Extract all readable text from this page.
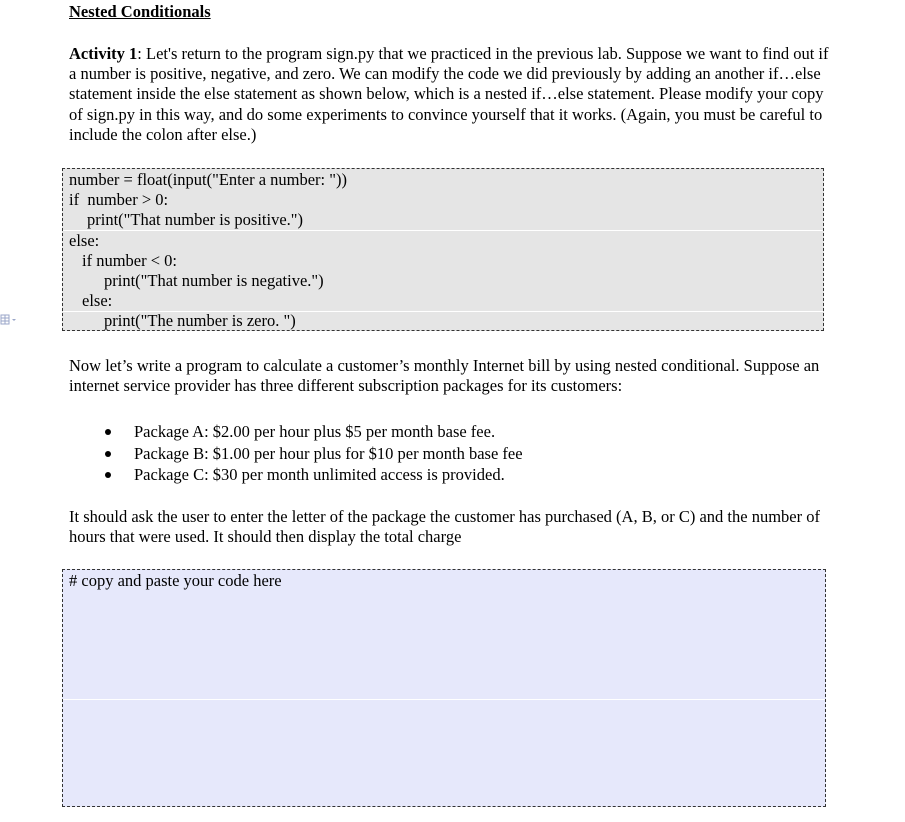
Nested Conditionals

Activity 1: Let's return to the program sign.py that we practiced in the previous lab. Suppose we want to find out if a number is positive, negative, and zero. We can modify the code we did previously by adding an another if…else statement inside the else statement as shown below, which is a nested if…else statement. Please modify your copy of sign.py in this way, and do some experiments to convince yourself that it works. (Again, you must be careful to include the colon after else.)

number = float(input("Enter a number: "))
if  number > 0:
print("That number is positive.")
else:
if number < 0:
print("That number is negative.")
else:
print("The number is zero. ")

Now let’s write a program to calculate a customer’s monthly Internet bill by using nested conditional. Suppose an internet service provider has three different subscription packages for its customers:

Package A: $2.00 per hour plus $5 per month base fee.
Package B: $1.00 per hour plus for $10 per month base fee
Package C: $30 per month unlimited access is provided.

It should ask the user to enter the letter of the package the customer has purchased (A, B, or C) and the number of hours that were used. It should then display the total charge

# copy and paste your code here
